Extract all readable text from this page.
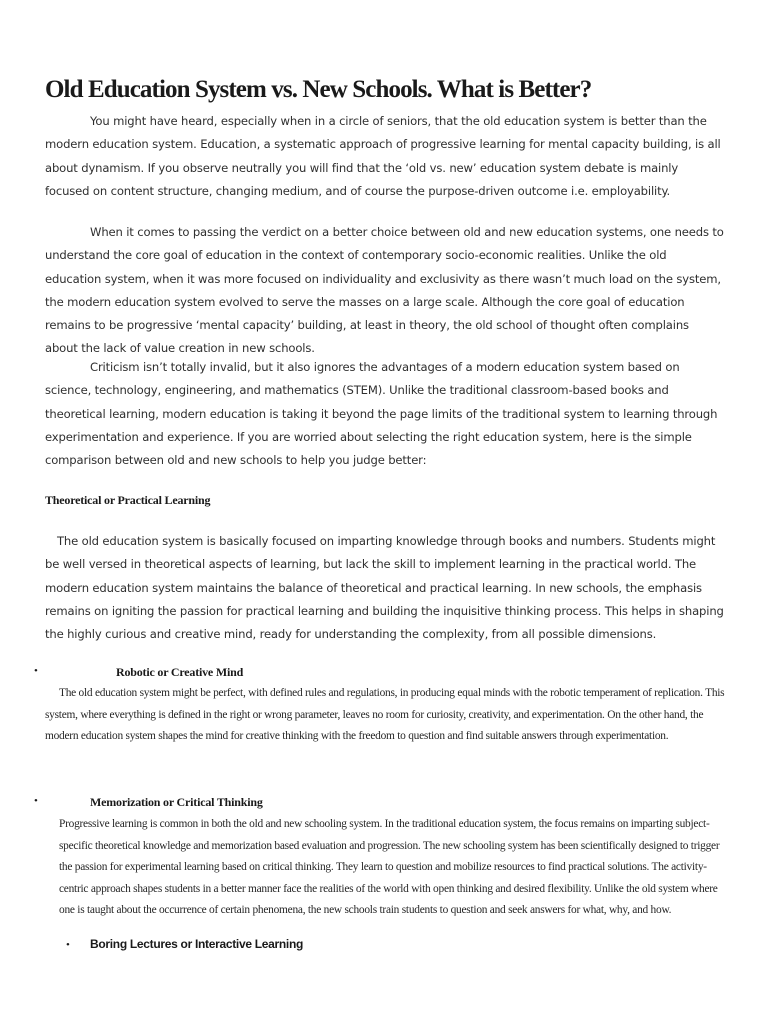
Old Education System vs. New Schools. What is Better?

You might have heard, especially when in a circle of seniors, that the old education system is better than the modern education system. Education, a systematic approach of progressive learning for mental capacity building, is all about dynamism. If you observe neutrally you will find that the ‘old vs. new’ education system debate is mainly focused on content structure, changing medium, and of course the purpose-driven outcome i.e. employability.

When it comes to passing the verdict on a better choice between old and new education systems, one needs to understand the core goal of education in the context of contemporary socio-economic realities. Unlike the old education system, when it was more focused on individuality and exclusivity as there wasn’t much load on the system, the modern education system evolved to serve the masses on a large scale. Although the core goal of education remains to be progressive ‘mental capacity’ building, at least in theory, the old school of thought often complains about the lack of value creation in new schools.

Criticism isn’t totally invalid, but it also ignores the advantages of a modern education system based on science, technology, engineering, and mathematics (STEM). Unlike the traditional classroom-based books and theoretical learning, modern education is taking it beyond the page limits of the traditional system to learning through experimentation and experience. If you are worried about selecting the right education system, here is the simple comparison between old and new schools to help you judge better:

Theoretical or Practical Learning

The old education system is basically focused on imparting knowledge through books and numbers. Students might be well versed in theoretical aspects of learning, but lack the skill to implement learning in the practical world. The modern education system maintains the balance of theoretical and practical learning. In new schools, the emphasis remains on igniting the passion for practical learning and building the inquisitive thinking process. This helps in shaping the highly curious and creative mind, ready for understanding the complexity, from all possible dimensions.

•	Robotic or Creative Mind

The old education system might be perfect, with defined rules and regulations, in producing equal minds with the robotic temperament of replication. This system, where everything is defined in the right or wrong parameter, leaves no room for curiosity, creativity, and experimentation. On the other hand, the modern education system shapes the mind for creative thinking with the freedom to question and find suitable answers through experimentation.

•	Memorization or Critical Thinking

Progressive learning is common in both the old and new schooling system. In the traditional education system, the focus remains on imparting subject-specific theoretical knowledge and memorization based evaluation and progression. The new schooling system has been scientifically designed to trigger the passion for experimental learning based on critical thinking. They learn to question and mobilize resources to find practical solutions. The activity-centric approach shapes students in a better manner face the realities of the world with open thinking and desired flexibility. Unlike the old system where one is taught about the occurrence of certain phenomena, the new schools train students to question and seek answers for what, why, and how.

• Boring Lectures or Interactive Learning
